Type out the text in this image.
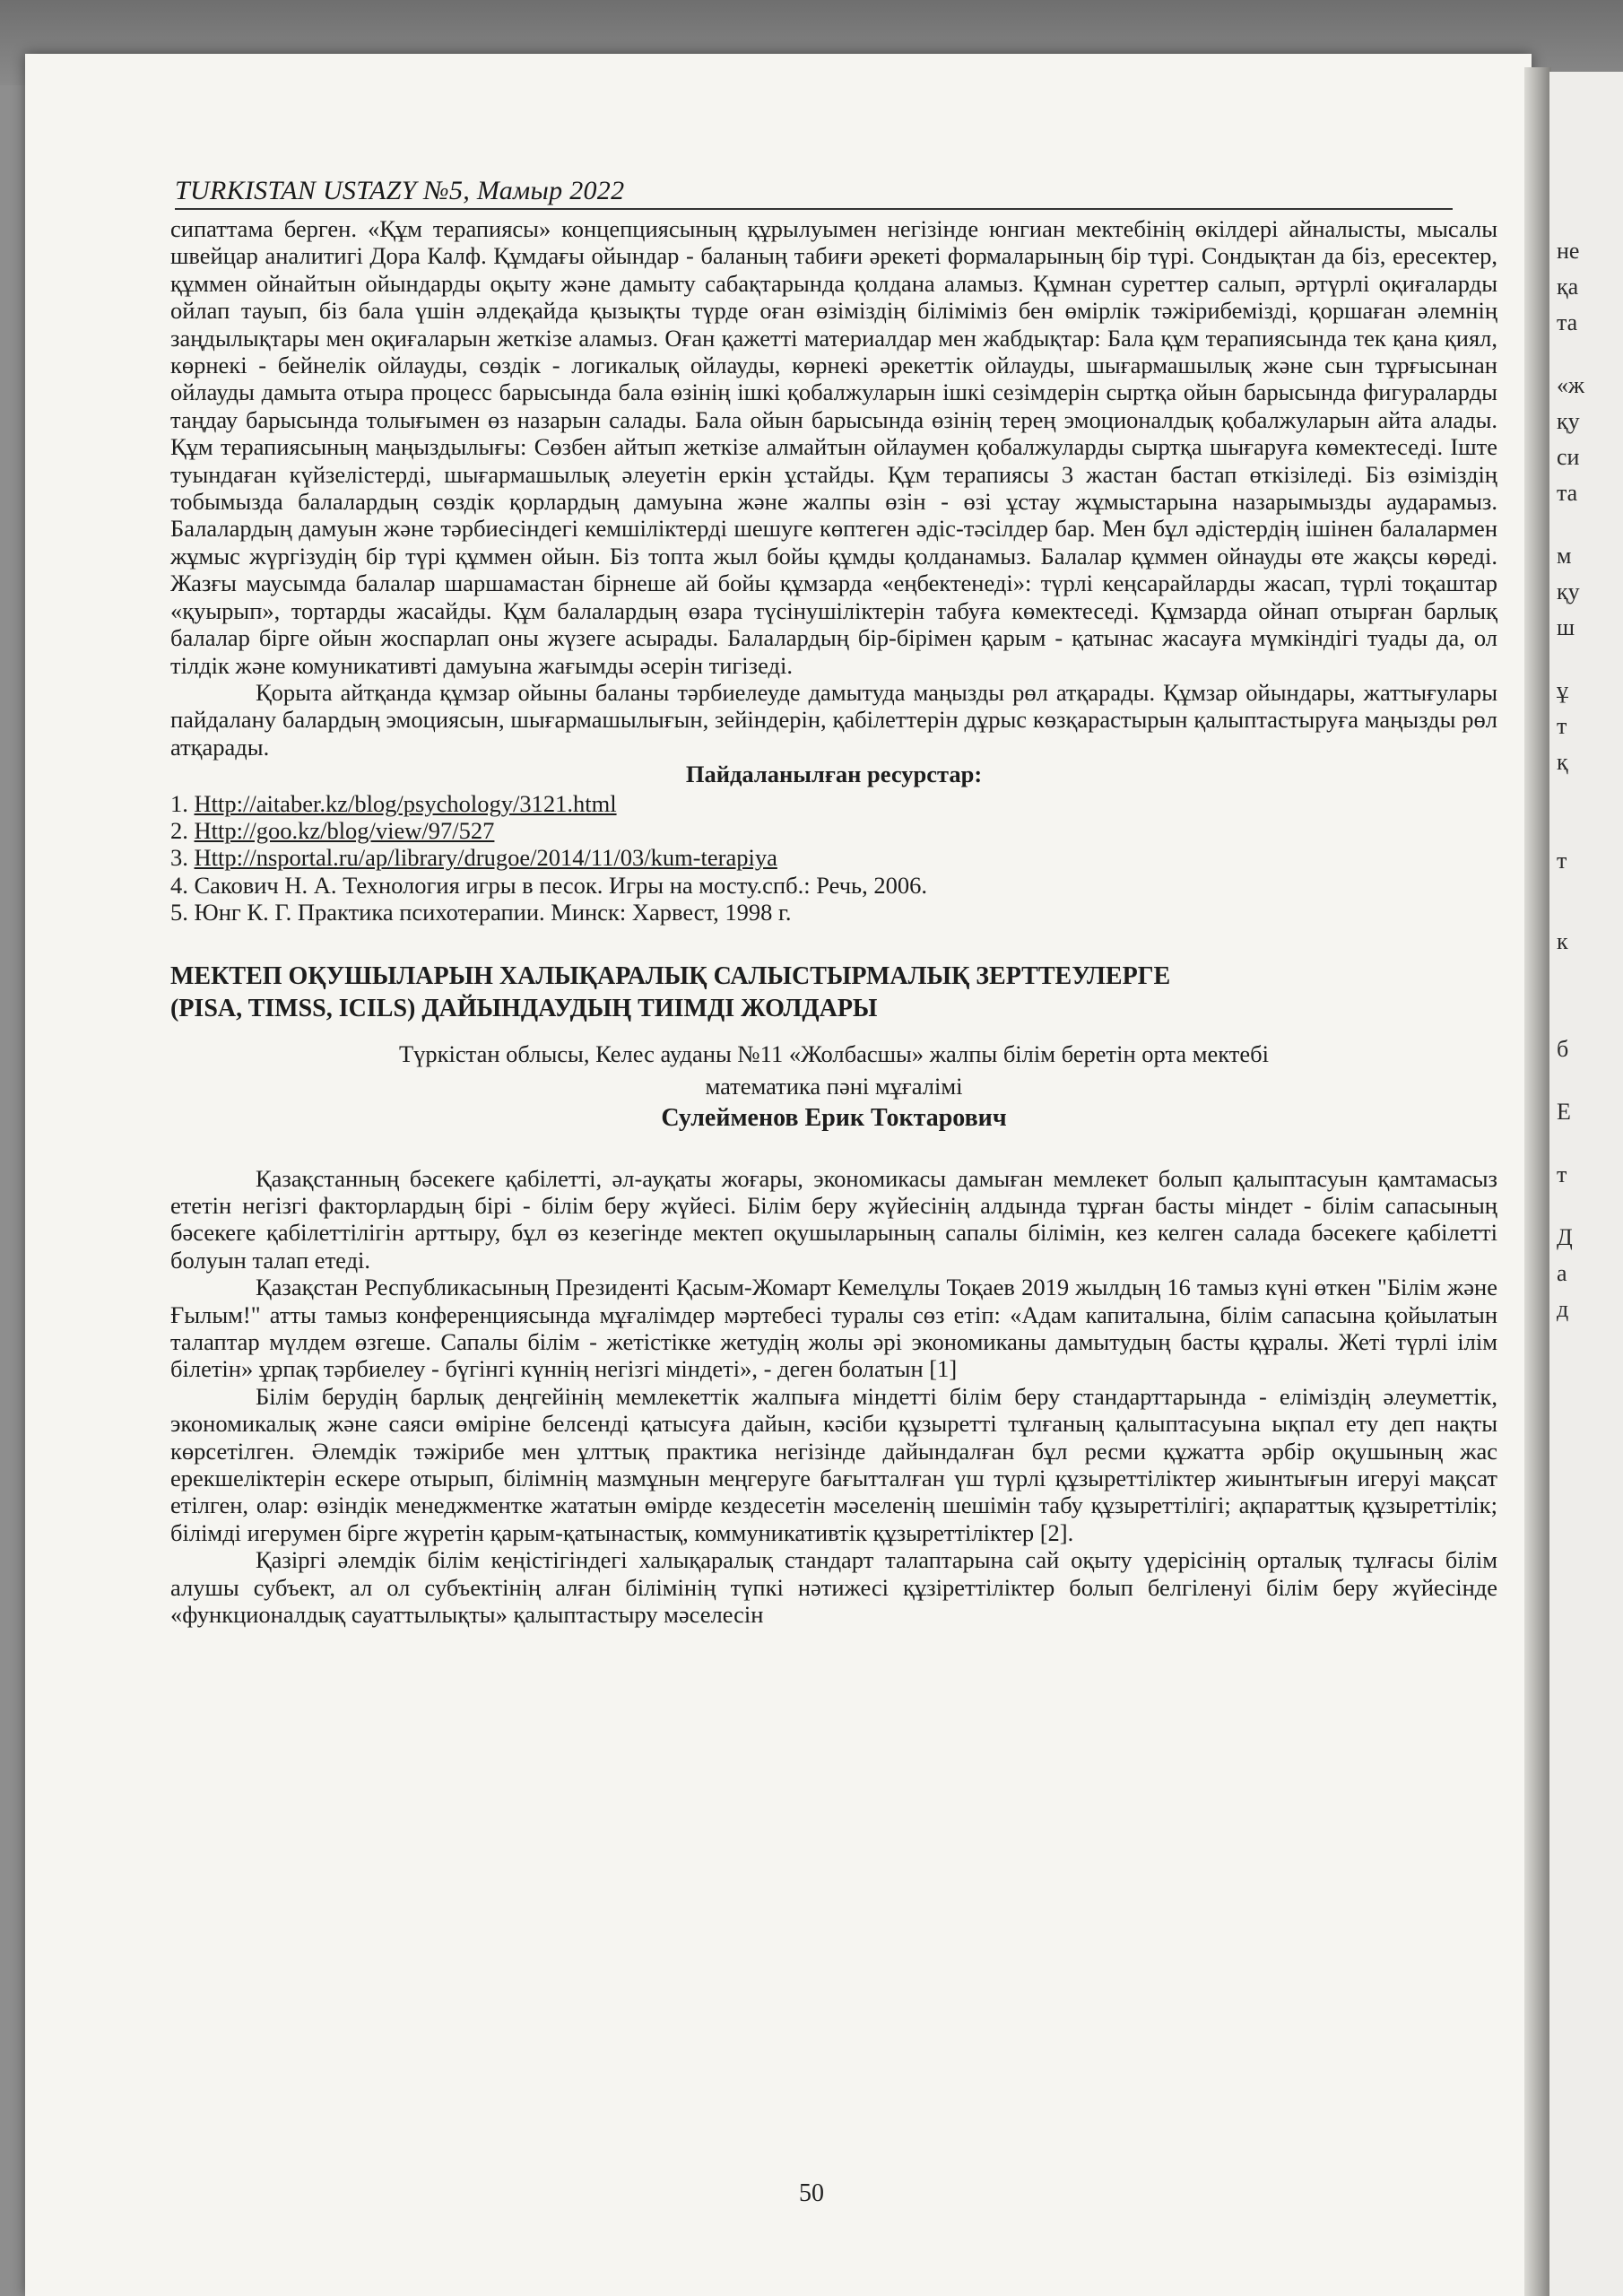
не
қа
та
«ж
қу
си
та
м
қу
ш
ұ
т
қ
т
к
б
Е
т
Д
а
д
TURKISTAN USTAZY №5, Мамыр 2022

сипаттама берген. «Құм терапиясы» концепциясының құрылуымен негізінде юнгиан мектебінің өкілдері айналысты, мысалы швейцар аналитигі Дора Калф. Құмдағы ойындар - баланың табиғи әрекеті формаларының бір түрі. Сондықтан да біз, ересектер, құммен ойнайтын ойындарды оқыту және дамыту сабақтарында қолдана аламыз. Құмнан суреттер салып, әртүрлі оқиғаларды ойлап тауып, біз бала үшін әлдеқайда қызықты түрде оған өзіміздің біліміміз бен өмірлік тәжірибемізді, қоршаған әлемнің заңдылықтары мен оқиғаларын жеткізе аламыз. Оған қажетті материалдар мен жабдықтар: Бала құм терапиясында тек қана қиял, көрнекі - бейнелік ойлауды, сөздік - логикалық ойлауды, көрнекі әрекеттік ойлауды, шығармашылық және сын тұрғысынан ойлауды дамыта отыра процесс барысында бала өзінің ішкі қобалжуларын ішкі сезімдерін сыртқа ойын барысында фигураларды таңдау барысында толығымен өз назарын салады. Бала ойын барысында өзінің терең эмоционалдық қобалжуларын айта алады. Құм терапиясының маңыздылығы: Сөзбен айтып жеткізе алмайтын ойлаумен қобалжуларды сыртқа шығаруға көмектеседі. Іште туындаған күйзелістерді, шығармашылық әлеуетін еркін ұстайды. Құм терапиясы 3 жастан бастап өткізіледі. Біз өзіміздің тобымызда балалардың сөздік қорлардың дамуына және жалпы өзін - өзі ұстау жұмыстарына назарымызды аударамыз. Балалардың дамуын және тәрбиесіндегі кемшіліктерді шешуге көптеген әдіс-тәсілдер бар. Мен бұл әдістердің ішінен балалармен жұмыс жүргізудің бір түрі құммен ойын. Біз топта жыл бойы құмды қолданамыз. Балалар құммен ойнауды өте жақсы көреді. Жазғы маусымда балалар шаршамастан бірнеше ай бойы құмзарда «еңбектенеді»: түрлі кеңсарайларды жасап, түрлі тоқаштар «қуырып», тортарды жасайды. Құм балалардың өзара түсінушіліктерін табуға көмектеседі. Құмзарда ойнап отырған барлық балалар бірге ойын жоспарлап оны жүзеге асырады. Балалардың бір-бірімен қарым - қатынас жасауға мүмкіндігі туады да, ол тілдік және комуникативті дамуына жағымды әсерін тигізеді.

Қорыта айтқанда құмзар ойыны баланы тәрбиелеуде дамытуда маңызды рөл атқарады. Құмзар ойындары, жаттығулары пайдалану балардың эмоциясын, шығармашылығын, зейіндерін, қабілеттерін дұрыс көзқарастырын қалыптастыруға маңызды рөл атқарады.

Пайдаланылған ресурстар:

1. Http://aitaber.kz/blog/psychology/3121.html
2. Http://goo.kz/blog/view/97/527
3. Http://nsportal.ru/ap/library/drugoe/2014/11/03/kum-terapiya
4. Сакович Н. А. Технология игры в песок. Игры на мосту.спб.: Речь, 2006.
5. Юнг К. Г. Практика психотерапии. Минск: Харвест, 1998 г.

МЕКТЕП ОҚУШЫЛАРЫН ХАЛЫҚАРАЛЫҚ САЛЫСТЫРМАЛЫҚ ЗЕРТТЕУЛЕРГЕ
(PISA, TIMSS, ICILS) ДАЙЫНДАУДЫҢ ТИІМДІ ЖОЛДАРЫ

Түркістан облысы, Келес ауданы №11 «Жолбасшы» жалпы білім беретін орта мектебі
математика пәні мұғалімі

Сулейменов Ерик Токтарович

Қазақстанның бәсекеге қабілетті, әл-ауқаты жоғары, экономикасы дамыған мемлекет болып қалыптасуын қамтамасыз ететін негізгі факторлардың бірі - білім беру жүйесі. Білім беру жүйесінің алдында тұрған басты міндет - білім сапасының бәсекеге қабілеттілігін арттыру, бұл өз кезегінде мектеп оқушыларының сапалы білімін, кез келген салада бәсекеге қабілетті болуын талап етеді.

Қазақстан Республикасының Президенті Қасым-Жомарт Кемелұлы Тоқаев 2019 жылдың 16 тамыз күні өткен "Білім және Ғылым!" атты тамыз конференциясында мұғалімдер мәртебесі туралы сөз етіп: «Адам капиталына, білім сапасына қойылатын талаптар мүлдем өзгеше. Сапалы білім - жетістікке жетудің жолы әрі экономиканы дамытудың басты құралы. Жеті түрлі ілім білетін» ұрпақ тәрбиелеу - бүгінгі күннің негізгі міндеті», - деген болатын [1]

Білім берудің барлық деңгейінің мемлекеттік жалпыға міндетті білім беру стандарттарында - еліміздің әлеуметтік, экономикалық және саяси өміріне белсенді қатысуға дайын, кәсіби құзыретті тұлғаның қалыптасуына ықпал ету деп нақты көрсетілген. Әлемдік тәжірибе мен ұлттық практика негізінде дайындалған бұл ресми құжатта әрбір оқушының жас ерекшеліктерін ескере отырып, білімнің мазмұнын меңгеруге бағытталған үш түрлі құзыреттіліктер жиынтығын игеруі мақсат етілген, олар: өзіндік менеджментке жататын өмірде кездесетін мәселенің шешімін табу құзыреттілігі; ақпараттық құзыреттілік; білімді игерумен бірге жүретін қарым-қатынастық, коммуникативтік құзыреттіліктер [2].

Қазіргі әлемдік білім кеңістігіндегі халықаралық стандарт талаптарына сай оқыту үдерісінің орталық тұлғасы білім алушы субъект, ал ол субъектінің алған білімінің түпкі нәтижесі құзіреттіліктер болып белгіленуі білім беру жүйесінде «функционалдық сауаттылықты» қалыптастыру мәселесін

50
